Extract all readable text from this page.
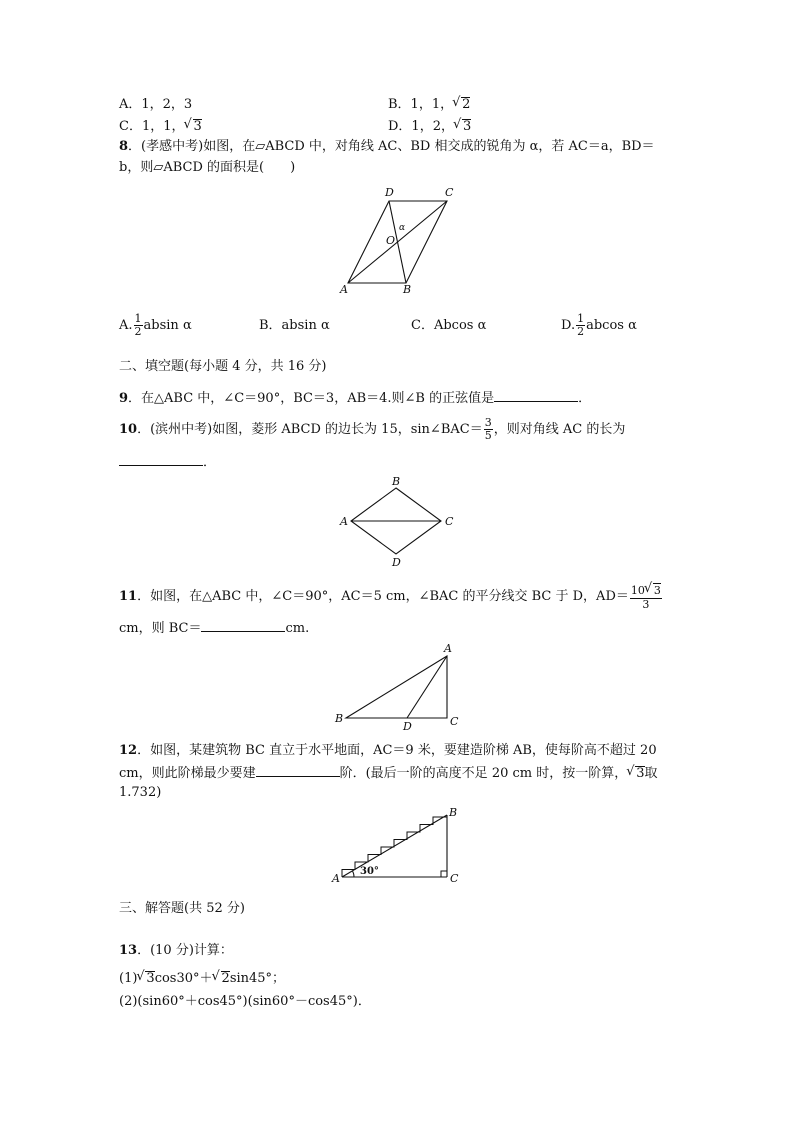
A．1，2，3	B．1，1， √ 2
C．1，1， √ 3	D．1，2， √ 3
8．(孝感中考)如图，在▱ABCD 中，对角线 AC、BD 相交成的锐角为 α，若 AC＝a，BD＝
b，则▱ABCD 的面积是(　　)
D	C
A	B
O
α
A. $\frac{1}{2}$ absin α	B．absin α	C．Abcos α	D. $\frac{1}{2}$ abcos α
二、填空题(每小题 4 分，共 16 分)
9．在△ABC 中，∠C＝90°，BC＝3，AB＝4.则∠B 的正弦值是	．
10．(滨州中考)如图，菱形 ABCD 的边长为 15，sin∠BAC＝ $\frac{3}{5}$ ，则对角线 AC 的长为
．
B
A	C
D
11．如图，在△ABC 中，∠C＝90°，AC＝5 cm，∠BAC 的平分线交 BC 于 D，$AD= \frac{10 √ 3}{3}$
cm，则 BC＝	cm.
A
B
D	C
12．如图，某建筑物 BC 直立于水平地面，AC＝9 米，要建造阶梯 AB，使每阶高不超过 20
cm，则此阶梯最少要建	阶．(最后一阶的高度不足 20 cm 时，按一阶算， √ 3取
1.732)
B
A	C
30°
三、解答题(共 52 分)
13．(10 分)计算：
(1) √ 3cos30°＋ √ 2sin45°；
(2)(sin60°＋cos45°)(sin60°－cos45°)．
